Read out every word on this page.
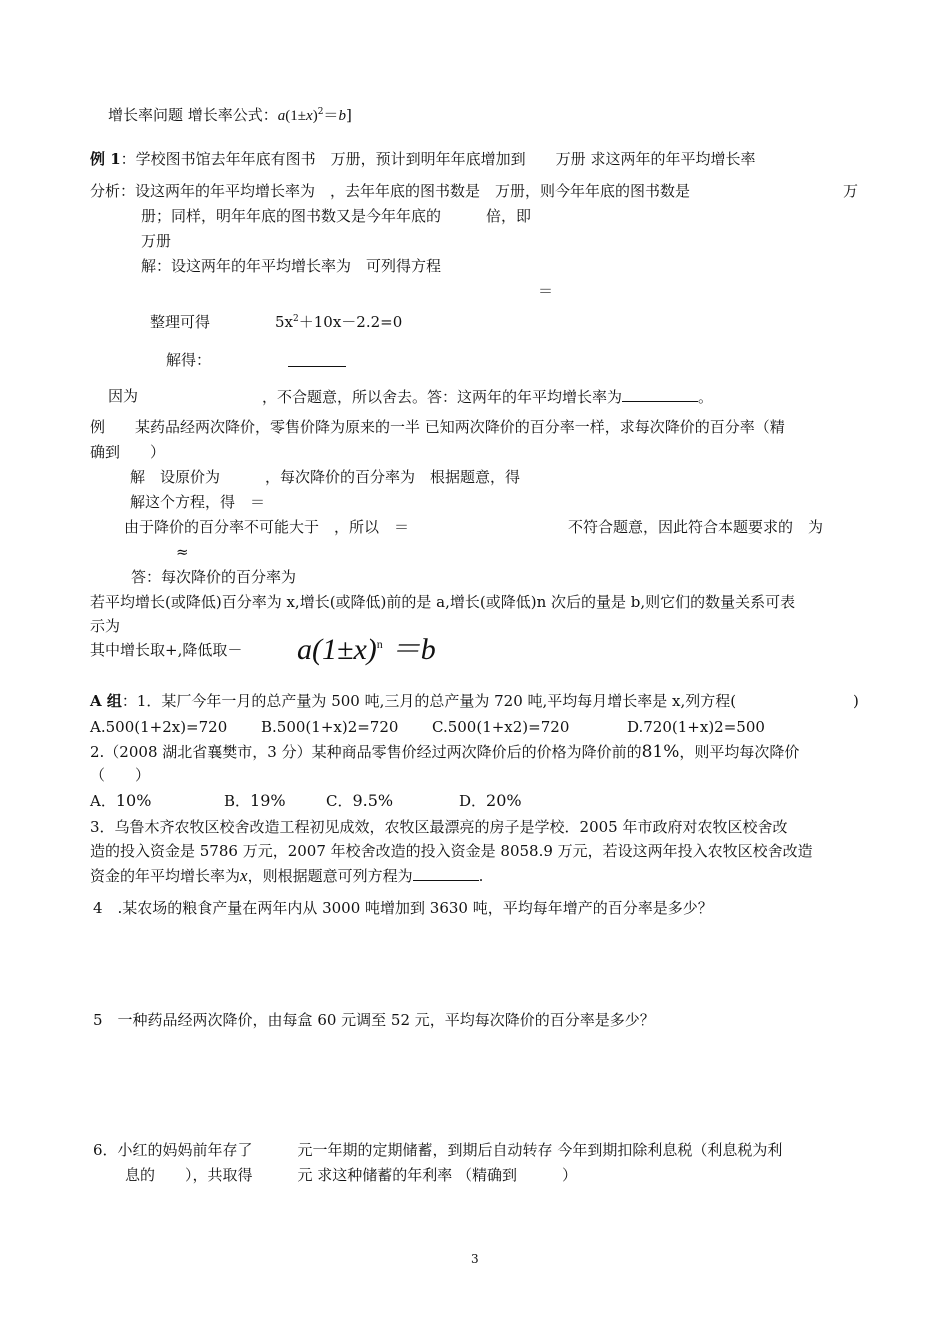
增长率问题 增长率公式：$a(1\pm x)^2=b$]
例 1：学校图书馆去年年底有图书　万册，预计到明年年底增加到　　万册 求这两年的年平均增长率
分析：设这两年的年平均增长率为　，去年年底的图书数是　万册，则今年年底的图书数是	万
册；同样，明年年底的图书数又是今年年底的　　　倍，即
万册
解：设这两年的年平均增长率为　可列得方程
＝
整理可得	$5x^2+10x-2.2=0$
解得：
因为	，不合题意，所以舍去。答：这两年的年平均增长率为	。
例　　某药品经两次降价，零售价降为原来的一半 已知两次降价的百分率一样，求每次降价的百分率（精
确到　　）
解　设原价为　　　，每次降价的百分率为　根据题意，得
解这个方程，得　＝
由于降价的百分率不可能大于　，所以　＝	不符合题意，因此符合本题要求的　为
≈
答：每次降价的百分率为
若平均增长(或降低)百分率为 x,增长(或降低)前的是 a,增长(或降低)n 次后的量是 b,则它们的数量关系可表
示为
其中增长取+,降低取－ $a(1\pm x)^n =b$
A 组：1．某厂今年一月的总产量为 500 吨,三月的总产量为 720 吨,平均每月增长率是 x,列方程(	)
A.500(1+2x)=720 B.500(1+x)2=720 C.500(1+x2)=720	D.720(1+x)2=500
2.（2008 湖北省襄樊市，3 分）某种商品零售价经过两次降价后的价格为降价前的81%，则平均每次降价
（　　）
A．10%	B．19%	C．9.5%	D．20%
3．乌鲁木齐农牧区校舍改造工程初见成效，农牧区最漂亮的房子是学校．2005 年市政府对农牧区校舍改
造的投入资金是 5786 万元，2007 年校舍改造的投入资金是 8058.9 万元，若设这两年投入农牧区校舍改造
资金的年平均增长率为x，则根据题意可列方程为	.
4　.某农场的粮食产量在两年内从 3000 吨增加到 3630 吨，平均每年增产的百分率是多少？
5　一种药品经两次降价，由每盒 60 元调至 52 元，平均每次降价的百分率是多少？
6．小红的妈妈前年存了　　　元一年期的定期储蓄，到期后自动转存 今年到期扣除利息税（利息税为利
息的　　），共取得　　　元 求这种储蓄的年利率 （精确到　　　）
3
